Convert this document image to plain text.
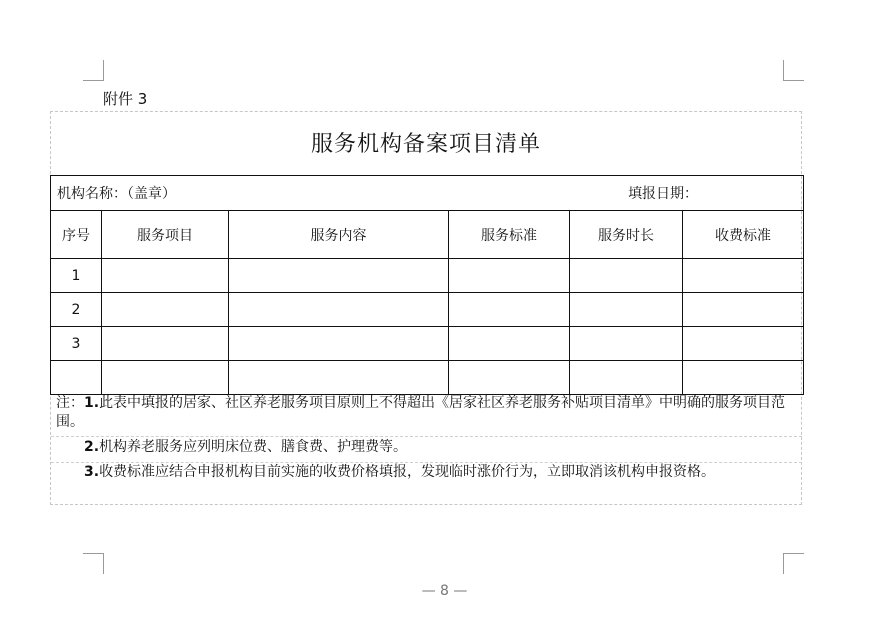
附件 3
服务机构备案项目清单
机构名称：（盖章） 填报日期：					

序号	服务项目	服务内容	服务标准	服务时长	收费标准
1					
2					
3					

注：1.此表中填报的居家、社区养老服务项目原则上不得超出《居家社区养老服务补贴项目清单》中明确的服务项目范围。

2.机构养老服务应列明床位费、膳食费、护理费等。

3.收费标准应结合申报机构目前实施的收费价格填报，发现临时涨价行为，立即取消该机构申报资格。

— 8 —
